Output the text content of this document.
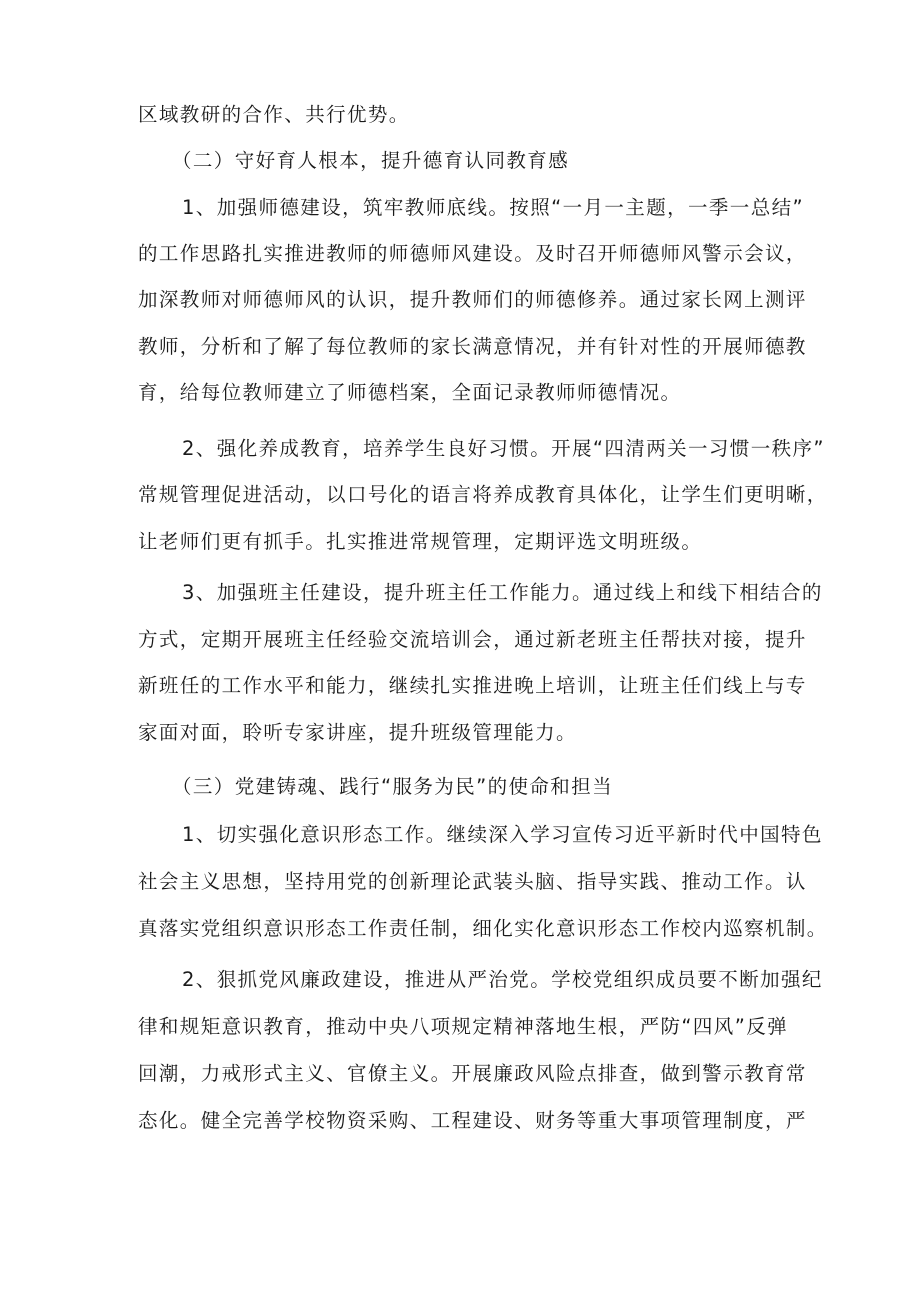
区域教研的合作、共行优势。
（二）守好育人根本，提升德育认同教育感
1、加强师德建设，筑牢教师底线。按照“一月一主题，一季一总结”
的工作思路扎实推进教师的师德师风建设。及时召开师德师风警示会议，
加深教师对师德师风的认识，提升教师们的师德修养。通过家长网上测评
教师，分析和了解了每位教师的家长满意情况，并有针对性的开展师德教
育，给每位教师建立了师德档案，全面记录教师师德情况。
2、强化养成教育，培养学生良好习惯。开展“四清两关一习惯一秩序”
常规管理促进活动，以口号化的语言将养成教育具体化，让学生们更明晰，
让老师们更有抓手。扎实推进常规管理，定期评选文明班级。
3、加强班主任建设，提升班主任工作能力。通过线上和线下相结合的
方式，定期开展班主任经验交流培训会，通过新老班主任帮扶对接，提升
新班任的工作水平和能力，继续扎实推进晚上培训，让班主任们线上与专
家面对面，聆听专家讲座，提升班级管理能力。
（三）党建铸魂、践行“服务为民”的使命和担当
1、切实强化意识形态工作。继续深入学习宣传习近平新时代中国特色
社会主义思想，坚持用党的创新理论武装头脑、指导实践、推动工作。认
真落实党组织意识形态工作责任制，细化实化意识形态工作校内巡察机制。
2、狠抓党风廉政建设，推进从严治党。学校党组织成员要不断加强纪
律和规矩意识教育，推动中央八项规定精神落地生根，严防“四风”反弹
回潮，力戒形式主义、官僚主义。开展廉政风险点排查，做到警示教育常
态化。健全完善学校物资采购、工程建设、财务等重大事项管理制度，严
